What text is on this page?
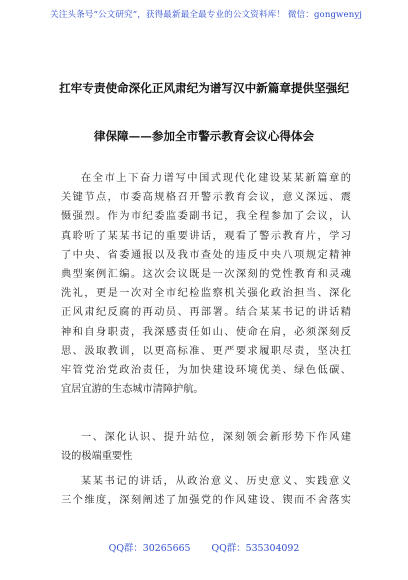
关注头条号“公文研究”，获得最新最全最专业的公文资料库！ 微信：gongwenyj
扛牢专责使命深化正风肃纪为谱写汉中新篇章提供坚强纪
律保障——参加全市警示教育会议心得体会
在全市上下奋力谱写中国式现代化建设某某新篇章的
关键节点，市委高规格召开警示教育会议，意义深远、震
慑强烈。作为市纪委监委副书记，我全程参加了会议，认
真聆听了某某书记的重要讲话，观看了警示教育片，学习
了中央、省委通报以及我市查处的违反中央八项规定精神
典型案例汇编。这次会议既是一次深刻的党性教育和灵魂
洗礼，更是一次对全市纪检监察机关强化政治担当、深化
正风肃纪反腐的再动员、再部署。结合某某书记的讲话精
神和自身职责，我深感责任如山、使命在肩，必须深刻反
思、汲取教训，以更高标准、更严要求履职尽责，坚决扛
牢管党治党政治责任，为加快建设环境优美、绿色低碳、
宜居宜游的生态城市清障护航。
一、深化认识、提升站位，深刻领会新形势下作风建
设的极端重要性
某某书记的讲话，从政治意义、历史意义、实践意义
三个维度，深刻阐述了加强党的作风建设、锲而不舍落实
QQ群：30265665 QQ群：535304092
